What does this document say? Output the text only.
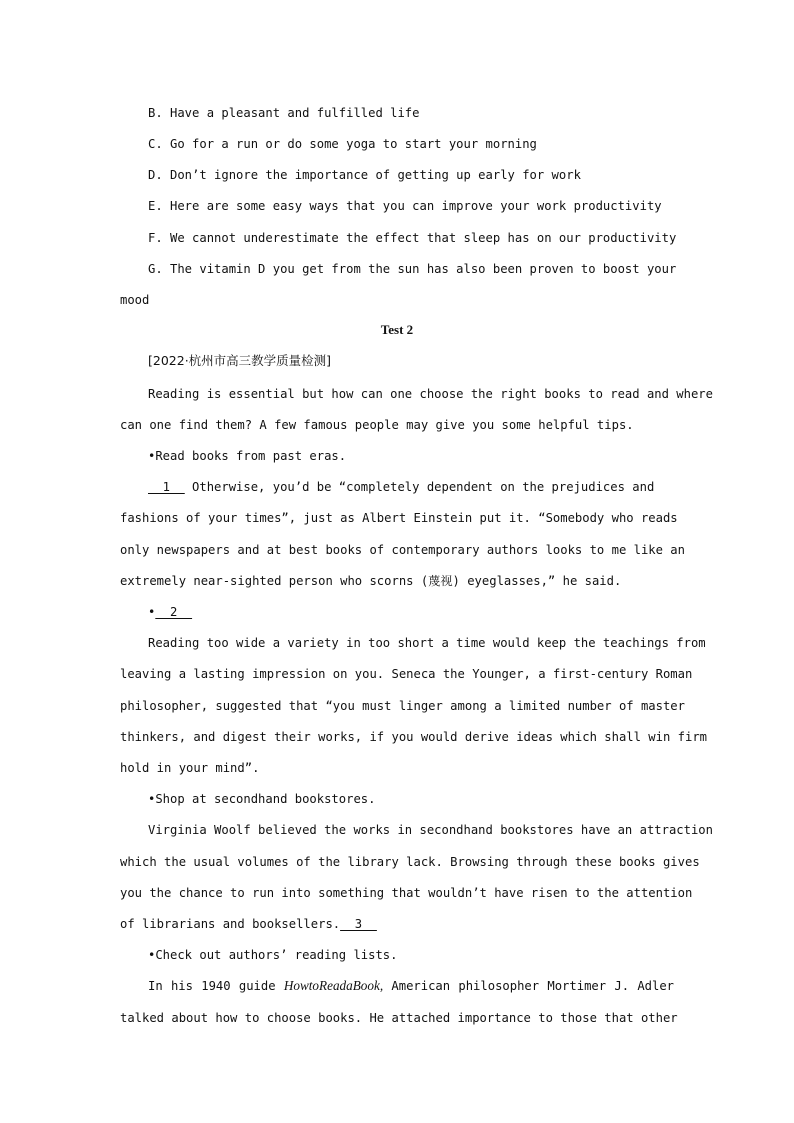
B. Have a pleasant and fulfilled life
C. Go for a run or do some yoga to start your morning
D. Don’t ignore the importance of getting up early for work
E. Here are some easy ways that you can improve your work productivity
F. We cannot underestimate the effect that sleep has on our productivity
G. The vitamin D you get from the sun has also been proven to boost your
mood
Test 2
[2022·杭州市高三教学质量检测]
Reading is essential but how can one choose the right books to read and where
can one find them? A few famous people may give you some helpful tips.
•Read books from past eras.
__1__ Otherwise, you’d be “completely dependent on the prejudices and
fashions of your times”, just as Albert Einstein put it. “Somebody who reads
only newspapers and at best books of contemporary authors looks to me like an
extremely near-sighted person who scorns (蔑视) eyeglasses,” he said.
•__2__
Reading too wide a variety in too short a time would keep the teachings from
leaving a lasting impression on you. Seneca the Younger, a first-century Roman
philosopher, suggested that “you must linger among a limited number of master
thinkers, and digest their works, if you would derive ideas which shall win firm
hold in your mind”.
•Shop at secondhand bookstores.
Virginia Woolf believed the works in secondhand bookstores have an attraction
which the usual volumes of the library lack. Browsing through these books gives
you the chance to run into something that wouldn’t have risen to the attention
of librarians and booksellers.__3__
•Check out authors’ reading lists.
In his 1940 guide HowtoReadaBook, American philosopher Mortimer J. Adler
talked about how to choose books. He attached importance to those that other
